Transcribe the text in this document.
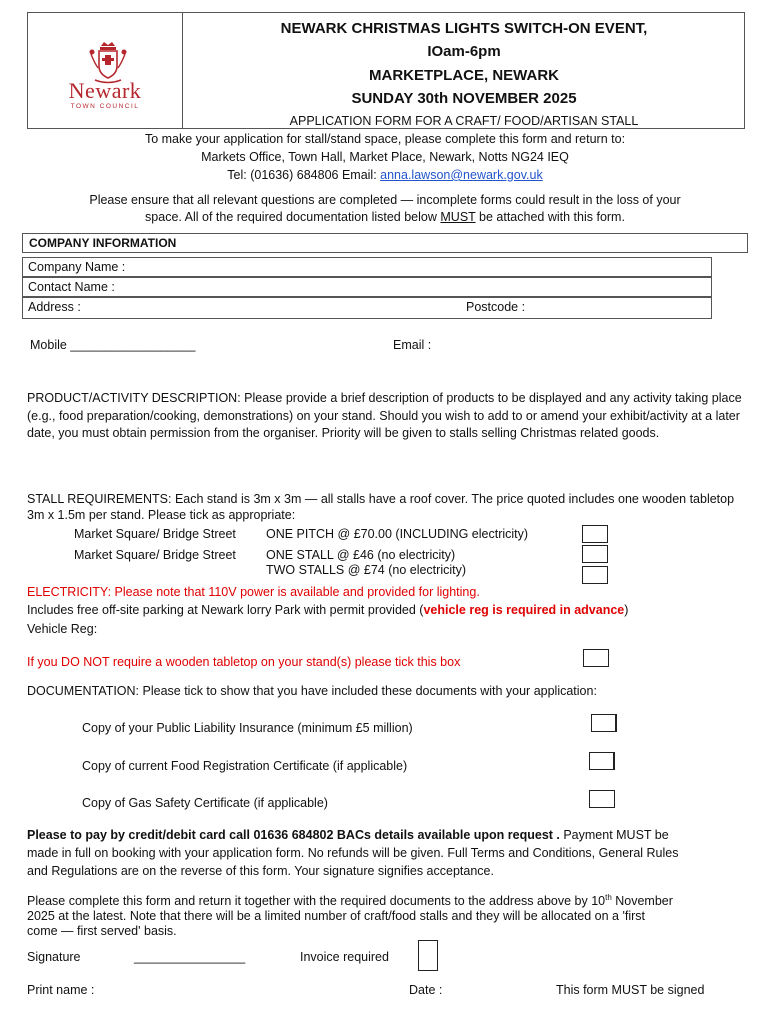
Newark
TOWN COUNCIL
NEWARK CHRISTMAS LIGHTS SWITCH-ON EVENT,
IOam-6pm
MARKETPLACE, NEWARK
SUNDAY 30th NOVEMBER 2025
APPLICATION FORM FOR A CRAFT/ FOOD/ARTISAN STALL
To make your application for stall/stand space, please complete this form and return to:
Markets Office, Town Hall, Market Place, Newark, Notts NG24 IEQ
Tel: (01636) 684806 Email: anna.lawson@newark.gov.uk
Please ensure that all relevant questions are completed — incomplete forms could result in the loss of your
space. All of the required documentation listed below MUST be attached with this form.
COMPANY INFORMATION
Company Name :
Contact Name :
Address :	Postcode :
Mobile __________________	Email :
PRODUCT/ACTIVITY DESCRIPTION: Please provide a brief description of products to be displayed and any activity taking place (e.g., food preparation/cooking, demonstrations) on your stand. Should you wish to add to or amend your exhibit/activity at a later date, you must obtain permission from the organiser. Priority will be given to stalls selling Christmas related goods.
STALL REQUIREMENTS: Each stand is 3m x 3m — all stalls have a roof cover. The price quoted includes one wooden tabletop 3m x 1.5m per stand. Please tick as appropriate:
Market Square/ Bridge Street ONE PITCH @ £70.00 (INCLUDING electricity)
Market Square/ Bridge Street ONE STALL @ £46 (no electricity)
TWO STALLS @ £74 (no electricity)
ELECTRICITY: Please note that 110V power is available and provided for lighting.
Includes free off-site parking at Newark lorry Park with permit provided (vehicle reg is required in advance)
Vehicle Reg:
If you DO NOT require a wooden tabletop on your stand(s) please tick this box
DOCUMENTATION: Please tick to show that you have included these documents with your application:
Copy of your Public Liability Insurance (minimum £5 million)
Copy of current Food Registration Certificate (if applicable)
Copy of Gas Safety Certificate (if applicable)
Please to pay by credit/debit card call 01636 684802 BACs details available upon request . Payment MUST be
made in full on booking with your application form. No refunds will be given. Full Terms and Conditions, General Rules
and Regulations are on the reverse of this form. Your signature signifies acceptance.
Please complete this form and return it together with the required documents to the address above by 10th November
2025 at the latest. Note that there will be a limited number of craft/food stalls and they will be allocated on a 'first
come — first served' basis.
Signature	________________	Invoice required
Print name :	Date :	This form MUST be signed
